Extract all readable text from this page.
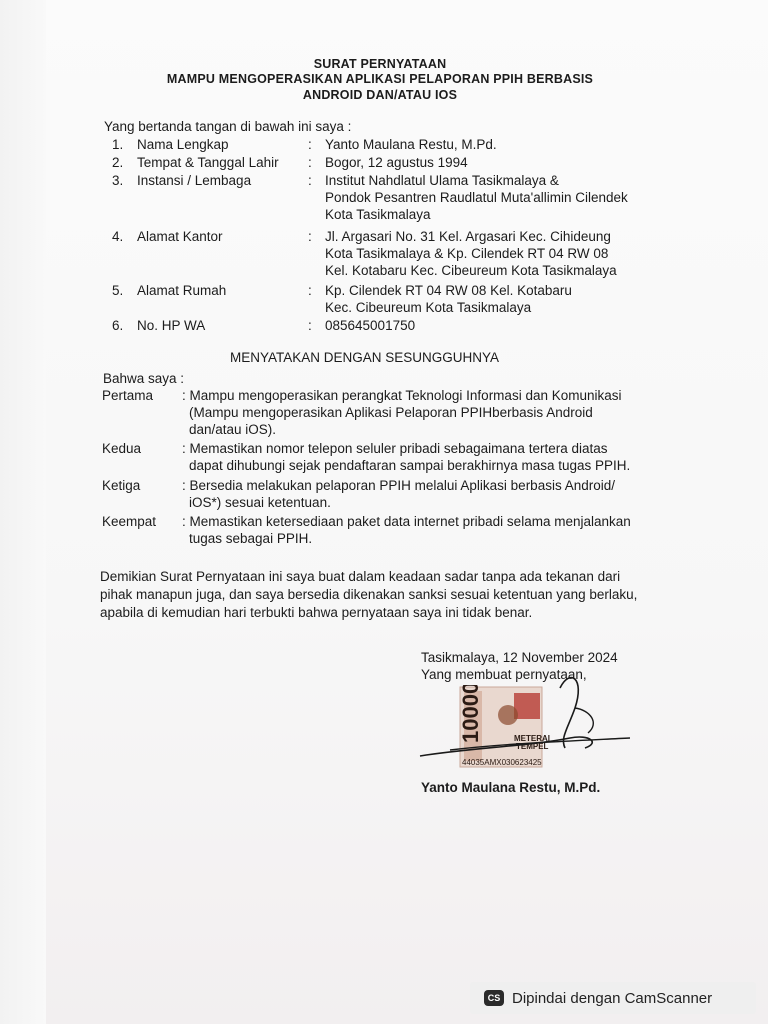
SURAT PERNYATAAN
MAMPU MENGOPERASIKAN APLIKASI PELAPORAN PPIH BERBASIS
ANDROID DAN/ATAU IOS
Yang bertanda tangan di bawah ini saya :
1. Nama Lengkap	: Yanto Maulana Restu, M.Pd.
2. Tempat & Tanggal Lahir : Bogor, 12 agustus 1994
3. Instansi / Lembaga	: Institut Nahdlatul Ulama Tasikmalaya &
Pondok Pesantren Raudlatul Muta'allimin Cilendek
Kota Tasikmalaya
4. Alamat Kantor	: Jl. Argasari No. 31 Kel. Argasari Kec. Cihideung
Kota Tasikmalaya & Kp. Cilendek RT 04 RW 08
Kel. Kotabaru Kec. Cibeureum Kota Tasikmalaya
5. Alamat Rumah	: Kp. Cilendek RT 04 RW 08 Kel. Kotabaru
Kec. Cibeureum Kota Tasikmalaya
6. No. HP WA	: 085645001750
MENYATAKAN DENGAN SESUNGGUHNYA
Bahwa saya :
Pertama : Mampu mengoperasikan perangkat Teknologi Informasi dan Komunikasi
(Mampu mengoperasikan Aplikasi Pelaporan PPIHberbasis Android
dan/atau iOS).
Kedua	: Memastikan nomor telepon seluler pribadi sebagaimana tertera diatas
dapat dihubungi sejak pendaftaran sampai berakhirnya masa tugas PPIH.
Ketiga	: Bersedia melakukan pelaporan PPIH melalui Aplikasi berbasis Android/
iOS*) sesuai ketentuan.
Keempat : Memastikan ketersediaan paket data internet pribadi selama menjalankan
tugas sebagai PPIH.
Demikian Surat Pernyataan ini saya buat dalam keadaan sadar tanpa ada tekanan dari
pihak manapun juga, dan saya bersedia dikenakan sanksi sesuai ketentuan yang berlaku,
apabila di kemudian hari terbukti bahwa pernyataan saya ini tidak benar.
Tasikmalaya, 12 November 2024
Yang membuat pernyataan,
10000	METERAI
TEMPEL
44035AMX030623425
Yanto Maulana Restu, M.Pd.
CS Dipindai dengan CamScanner
